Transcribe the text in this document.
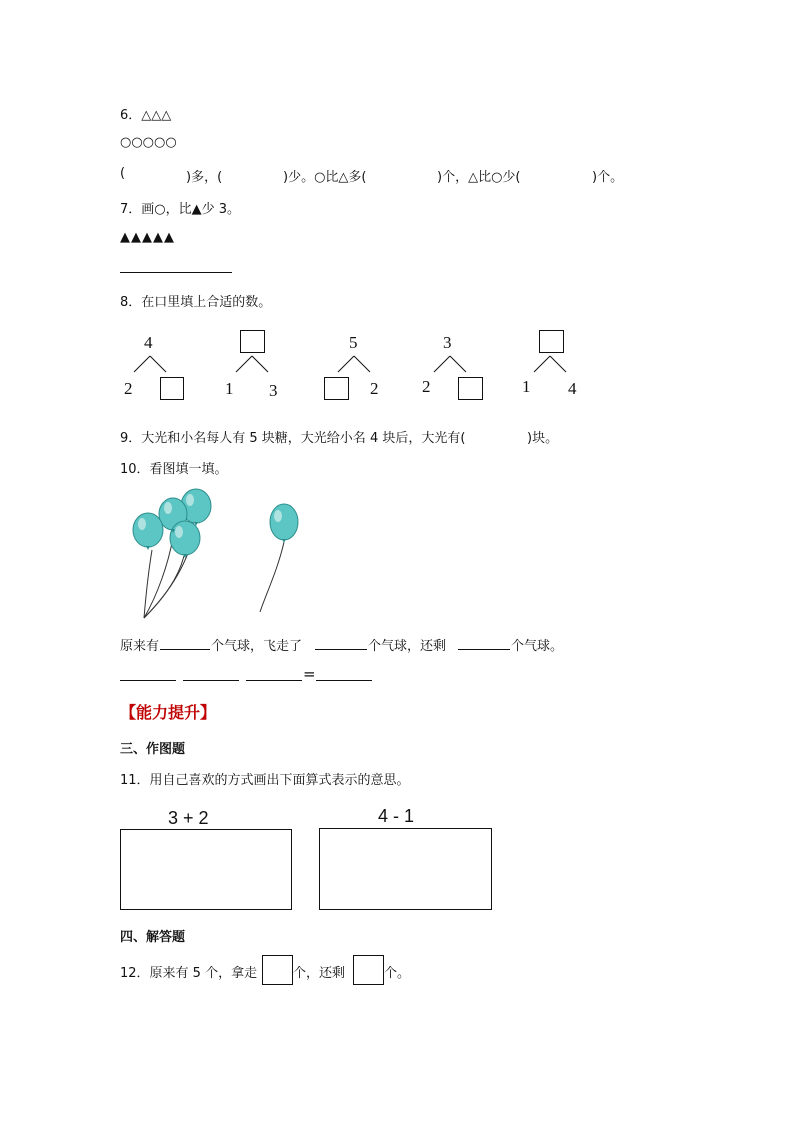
6．△△△
○○○○○
(	)多，(	)少。○比△多(	)个，△比○少(	)个。
7．画○，比▲少 3。
▲▲▲▲▲
8．在口里填上合适的数。
4
2	1 3
5
2
3
2	1 4
9．大光和小名每人有 5 块糖，大光给小名 4 块后，大光有(	)块。
10．看图填一填。
原来有	个气球，飞走了	个气球，还剩	个气球。
=
【能力提升】
三、作图题
11．用自己喜欢的方式画出下面算式表示的意思。
3 + 2	4 - 1
四、解答题
12．原来有 5 个，拿走	个，还剩	个。
